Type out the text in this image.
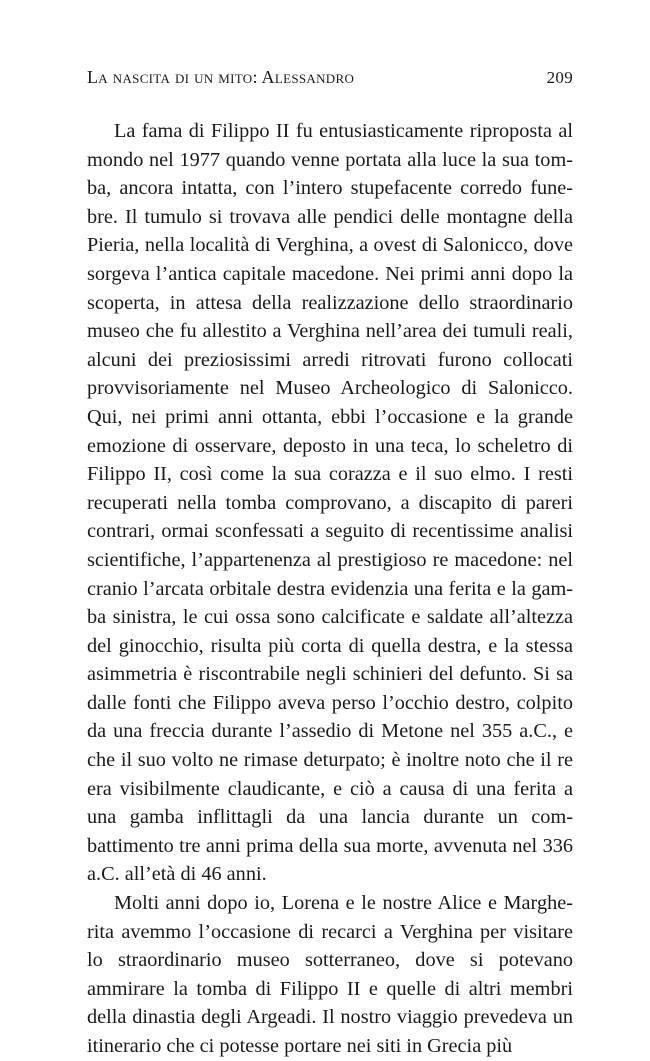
La nascita di un mito: Alessandro	209

La fama di Filippo II fu entusiasticamente riproposta al mondo nel 1977 quando venne portata alla luce la sua tomba, ancora intatta, con l’intero stupefacente corredo funebre. Il tumulo si trovava alle pendici delle montagne della Pieria, nella località di Verghina, a ovest di Salonicco, dove sorgeva l’antica capitale macedone. Nei primi anni dopo la scoperta, in attesa della realizzazione dello straordinario museo che fu allestito a Verghina nell’area dei tumuli reali, alcuni dei preziosissimi arredi ritrovati furono collocati provvisoriamente nel Museo Archeologico di Salonicco. Qui, nei primi anni ottanta, ebbi l’occasione e la grande emozione di osservare, deposto in una teca, lo scheletro di Filippo II, così come la sua corazza e il suo elmo. I resti recuperati nella tomba comprovano, a discapito di pareri contrari, ormai sconfessati a seguito di recentissime analisi scientifiche, l’appartenenza al prestigioso re macedone: nel cranio l’arcata orbitale destra evidenzia una ferita e la gamba sinistra, le cui ossa sono calcificate e saldate all’altezza del ginocchio, risulta più corta di quella destra, e la stessa asimmetria è riscontrabile negli schinieri del defunto. Si sa dalle fonti che Filippo aveva perso l’occhio destro, colpito da una freccia durante l’assedio di Metone nel 355 a.C., e che il suo volto ne rimase deturpato; è inoltre noto che il re era visibilmente claudicante, e ciò a causa di una ferita a una gamba inflittagli da una lancia durante un combattimento tre anni prima della sua morte, avvenuta nel 336 a.C. all’età di 46 anni.

Molti anni dopo io, Lorena e le nostre Alice e Margherita avemmo l’occasione di recarci a Verghina per visitare lo straordinario museo sotterraneo, dove si potevano ammirare la tomba di Filippo II e quelle di altri membri della dinastia degli Argeadi. Il nostro viaggio prevedeva un itinerario che ci potesse portare nei siti in Grecia più
